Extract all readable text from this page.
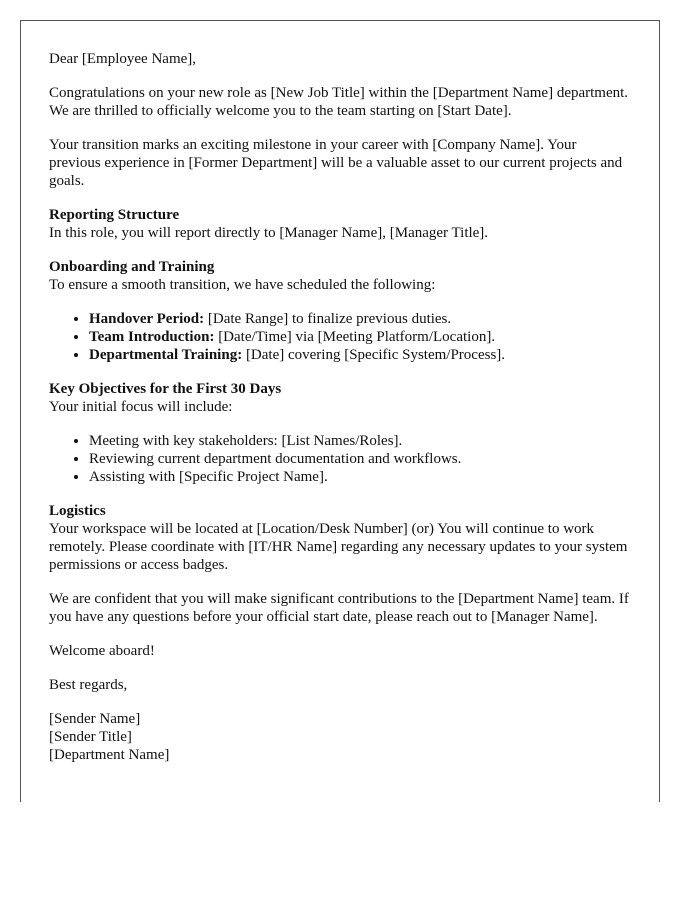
Dear [Employee Name],

Congratulations on your new role as [New Job Title] within the [Department Name] department. We are thrilled to officially welcome you to the team starting on [Start Date].

Your transition marks an exciting milestone in your career with [Company Name]. Your previous experience in [Former Department] will be a valuable asset to our current projects and goals.

Reporting Structure

In this role, you will report directly to [Manager Name], [Manager Title].

Onboarding and Training

To ensure a smooth transition, we have scheduled the following:

• Handover Period: [Date Range] to finalize previous duties.
• Team Introduction: [Date/Time] via [Meeting Platform/Location].
• Departmental Training: [Date] covering [Specific System/Process].
Key Objectives for the First 30 Days

Your initial focus will include:

• Meeting with key stakeholders: [List Names/Roles].
• Reviewing current department documentation and workflows.
• Assisting with [Specific Project Name].
Logistics

Your workspace will be located at [Location/Desk Number] (or) You will continue to work remotely. Please coordinate with [IT/HR Name] regarding any necessary updates to your system permissions or access badges.

We are confident that you will make significant contributions to the [Department Name] team. If you have any questions before your official start date, please reach out to [Manager Name].

Welcome aboard!

Best regards,

[Sender Name]
[Sender Title]
[Department Name]
